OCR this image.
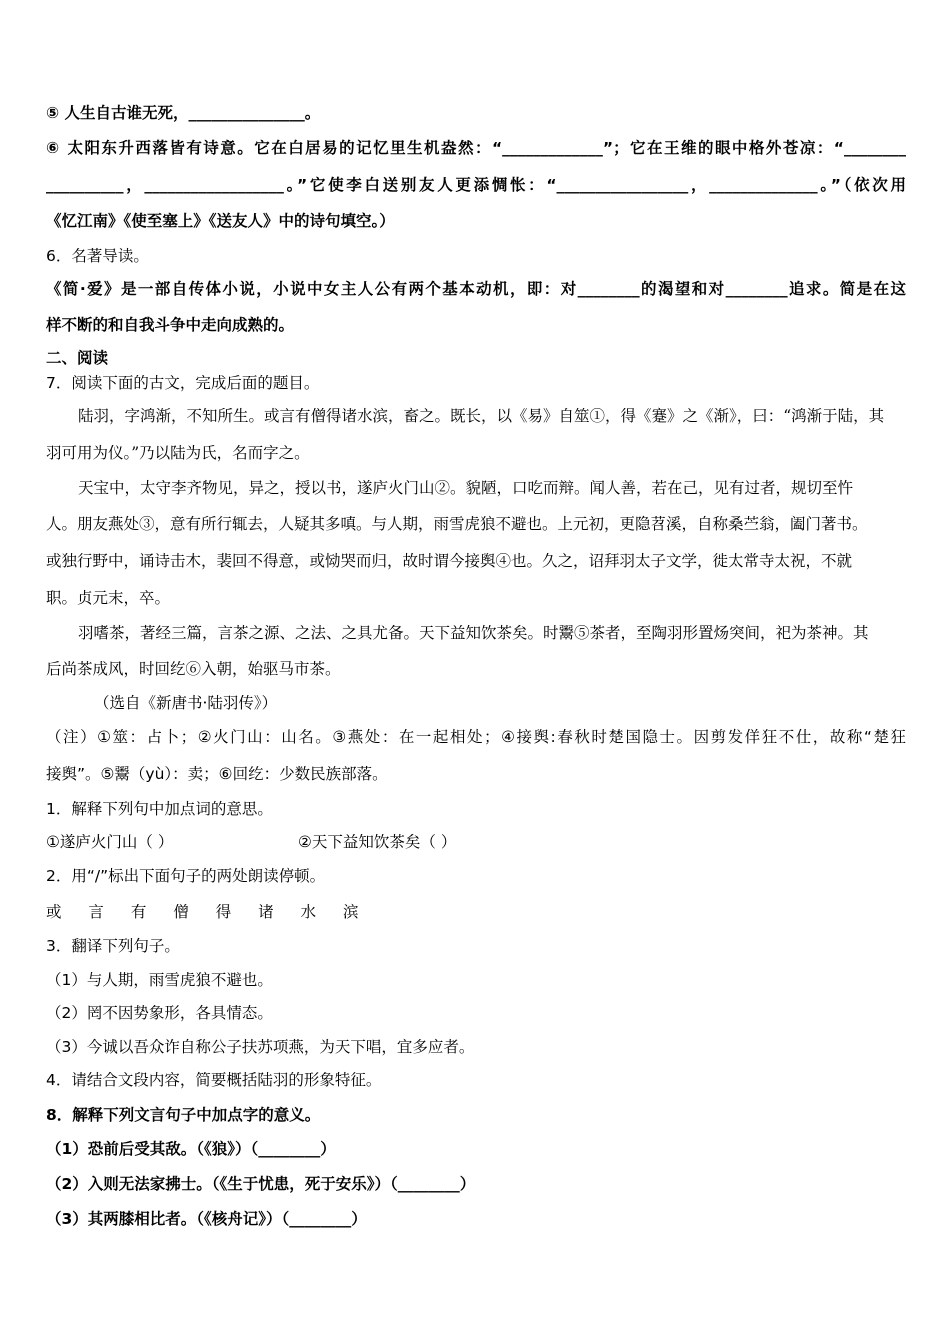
⑤ 人生自古谁无死，_______________。

⑥ 太阳东升西落皆有诗意。它在白居易的记忆里生机盎然：“_____________”；它在王维的眼中格外苍凉：“________

__________，__________________。”它使李白送别友人更添惆怅：“_________________，______________。”（依次用

《忆江南》《使至塞上》《送友人》中的诗句填空。）

6．名著导读。

《简·爱》是一部自传体小说，小说中女主人公有两个基本动机，即：对________的渴望和对________追求。简是在这

样不断的和自我斗争中走向成熟的。

二、阅读

7．阅读下面的古文，完成后面的题目。

陆羽，字鸿渐，不知所生。或言有僧得诸水滨，畜之。既长，以《易》自筮①，得《蹇》之《渐》，曰：“鸿渐于陆，其

羽可用为仪。”乃以陆为氏，名而字之。

天宝中，太守李齐物见，异之，授以书，遂庐火门山②。貌陋，口吃而辩。闻人善，若在己，见有过者，规切至忤

人。朋友燕处③，意有所行辄去，人疑其多嗔。与人期，雨雪虎狼不避也。上元初，更隐苕溪，自称桑苎翁，阖门著书。

或独行野中，诵诗击木，裴回不得意，或恸哭而归，故时谓今接舆④也。久之，诏拜羽太子文学，徙太常寺太祝，不就

职。贞元末，卒。

羽嗜茶，著经三篇，言茶之源、之法、之具尤备。天下益知饮茶矣。时鬻⑤茶者，至陶羽形置炀突间，祀为茶神。其

后尚茶成风，时回纥⑥入朝，始驱马市茶。

（选自《新唐书·陆羽传》）

（注）①筮：占卜；②火门山：山名。③燕处：在一起相处；④接舆:春秋时楚国隐士。因剪发佯狂不仕，故称“楚狂

接舆”。⑤鬻（yù）：卖；⑥回纥：少数民族部落。

1．解释下列句中加点词的意思。

①遂庐火门山（ ）	②天下益知饮茶矣（ ）

2．用“/”标出下面句子的两处朗读停顿。

或 言 有 僧 得 诸 水 滨

3．翻译下列句子。

（1）与人期，雨雪虎狼不避也。

（2）罔不因势象形，各具情态。

（3）今诚以吾众诈自称公子扶苏项燕，为天下唱，宜多应者。

4．请结合文段内容，简要概括陆羽的形象特征。

8．解释下列文言句子中加点字的意义。

（1）恐前后受其敌。（《狼》）（________）

（2）入则无法家拂士。（《生于忧患，死于安乐》）（________）

（3）其两膝相比者。（《核舟记》）（________）
